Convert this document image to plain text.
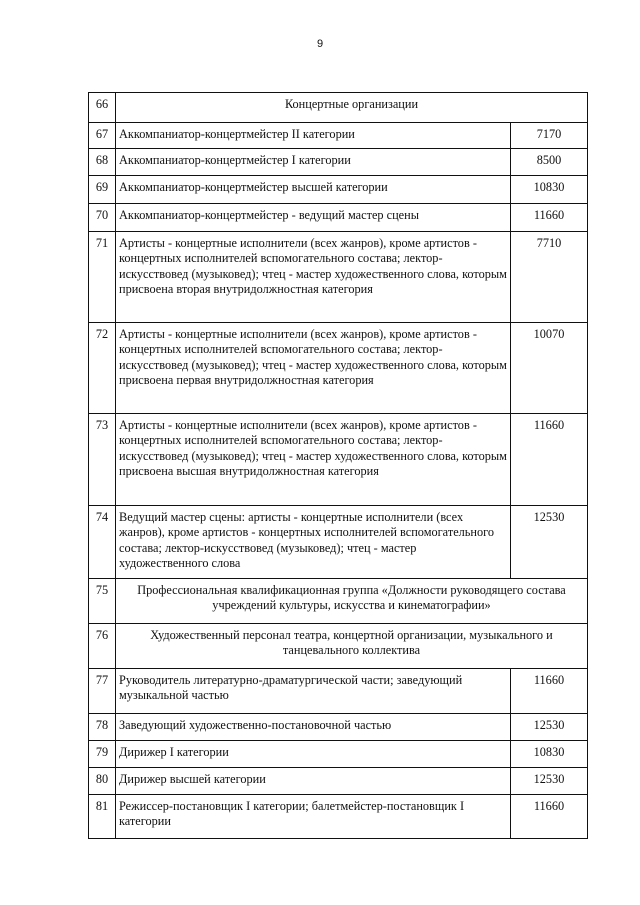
9
66	Концертные организации	
67	Аккомпаниатор-концертмейстер II категории	7170
68	Аккомпаниатор-концертмейстер I категории	8500
69	Аккомпаниатор-концертмейстер высшей категории	10830
70	Аккомпаниатор-концертмейстер - ведущий мастер сцены	11660
71	Артисты - концертные исполнители (всех жанров), кроме артистов - концертных исполнителей вспомогательного состава; лектор-искусствовед (музыковед); чтец - мастер художественного слова, которым присвоена вторая внутридолжностная категория	7710
72	Артисты - концертные исполнители (всех жанров), кроме артистов - концертных исполнителей вспомогательного состава; лектор-искусствовед (музыковед); чтец - мастер художественного слова, которым присвоена первая внутридолжностная категория	10070
73	Артисты - концертные исполнители (всех жанров), кроме артистов - концертных исполнителей вспомогательного состава; лектор-искусствовед (музыковед); чтец - мастер художественного слова, которым присвоена высшая внутридолжностная категория	11660
74	Ведущий мастер сцены: артисты - концертные исполнители (всех жанров), кроме артистов - концертных исполнителей вспомогательного состава; лектор-искусствовед (музыковед); чтец - мастер художественного слова	12530
75	Профессиональная квалификационная группа «Должности руководящего состава учреждений культуры, искусства и кинематографии»	
76	Художественный персонал театра, концертной организации, музыкального и танцевального коллектива	
77	Руководитель литературно-драматургической части; заведующий музыкальной частью	11660
78	Заведующий художественно-постановочной частью	12530
79	Дирижер I категории	10830
80	Дирижер высшей категории	12530
81	Режиссер-постановщик I категории; балетмейстер-постановщик I категории	11660
